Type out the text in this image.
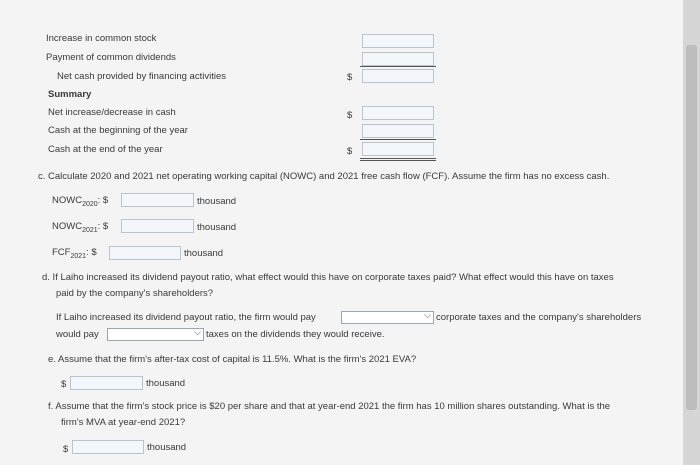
Increase in common stock
Payment of common dividends
Net cash provided by financing activities	$
Summary
Net increase/decrease in cash	$
Cash at the beginning of the year
Cash at the end of the year	$
c. Calculate 2020 and 2021 net operating working capital (NOWC) and 2021 free cash flow (FCF). Assume the firm has no excess cash.
$NOWC_{2020}$: $	thousand
$NOWC_{2021}$: $	thousand
$FCF_{2021}$: $	thousand
d. If Laiho increased its dividend payout ratio, what effect would this have on corporate taxes paid? What effect would this have on taxes
paid by the company's shareholders?
If Laiho increased its dividend payout ratio, the firm would pay	⌵ corporate taxes and the company's shareholders
would pay	⌵ taxes on the dividends they would receive.
e. Assume that the firm's after-tax cost of capital is 11.5%. What is the firm's 2021 EVA?
$	thousand
f. Assume that the firm's stock price is $20 per share and that at year-end 2021 the firm has 10 million shares outstanding. What is the
firm's MVA at year-end 2021?
$	thousand
